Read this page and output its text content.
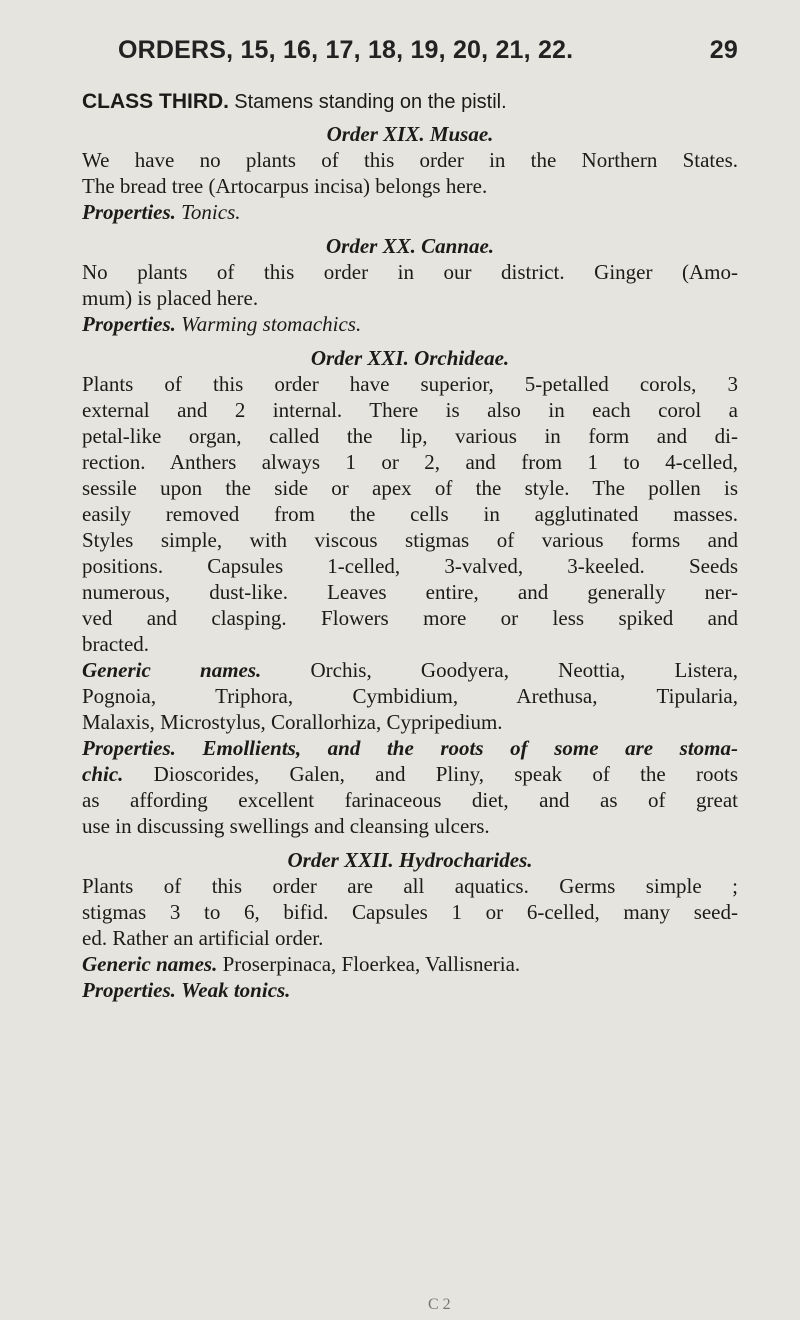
ORDERS, 15, 16, 17, 18, 19, 20, 21, 22.	29

CLASS THIRD. Stamens standing on the pistil.

Order XIX. Musae.
We have no plants of this order in the Northern States.
The bread tree (Artocarpus incisa) belongs here.
Properties. Tonics.
Order XX. Cannae.
No plants of this order in our district. Ginger (Amo-
mum) is placed here.
Properties. Warming stomachics.
Order XXI. Orchideae.
Plants of this order have superior, 5-petalled corols, 3
external and 2 internal. There is also in each corol a
petal-like organ, called the lip, various in form and di-
rection. Anthers always 1 or 2, and from 1 to 4-celled,
sessile upon the side or apex of the style. The pollen is
easily removed from the cells in agglutinated masses.
Styles simple, with viscous stigmas of various forms and
positions. Capsules 1-celled, 3-valved, 3-keeled. Seeds
numerous, dust-like. Leaves entire, and generally ner-
ved and clasping. Flowers more or less spiked and
bracted.
Generic names. Orchis, Goodyera, Neottia, Listera,
Pognoia, Triphora, Cymbidium, Arethusa, Tipularia,
Malaxis, Microstylus, Corallorhiza, Cypripedium.
Properties. Emollients, and the roots of some are stoma-
chic. Dioscorides, Galen, and Pliny, speak of the roots
as affording excellent farinaceous diet, and as of great
use in discussing swellings and cleansing ulcers.
Order XXII. Hydrocharides.
Plants of this order are all aquatics. Germs simple ;
stigmas 3 to 6, bifid. Capsules 1 or 6-celled, many seed-
ed. Rather an artificial order.
Generic names. Proserpinaca, Floerkea, Vallisneria.
Properties. Weak tonics.
C 2
